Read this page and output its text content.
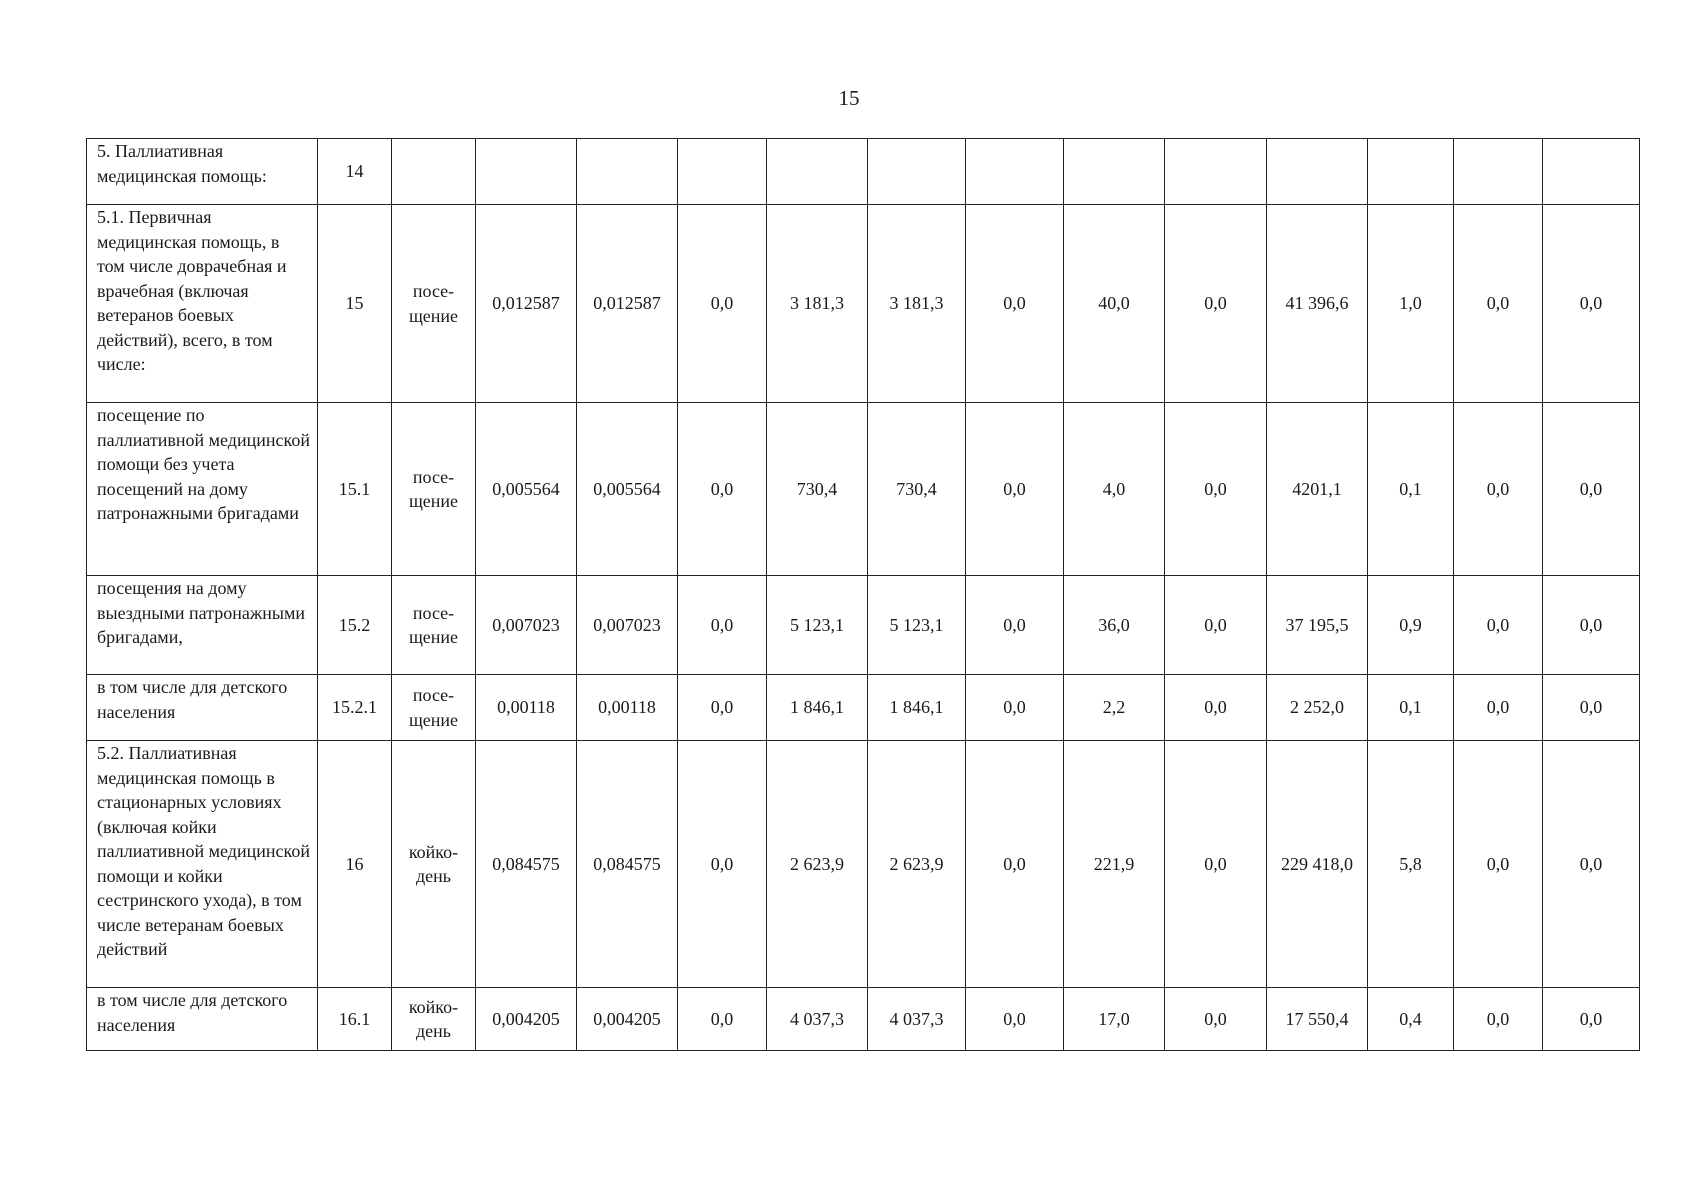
15
5. Паллиативная медицинская помощь:	14													
5.1. Первичная медицинская помощь, в том числе доврачебная и врачебная (включая ветеранов боевых действий), всего, в том числе:	15	посе-щение	0,012587	0,012587	0,0	3 181,3	3 181,3	0,0	40,0	0,0	41 396,6	1,0	0,0	0,0
посещение по паллиативной медицинской помощи без учета посещений на дому патронажными бригадами	15.1	посе-щение	0,005564	0,005564	0,0	730,4	730,4	0,0	4,0	0,0	4201,1	0,1	0,0	0,0
посещения на дому выездными патронажными бригадами,	15.2	посе-щение	0,007023	0,007023	0,0	5 123,1	5 123,1	0,0	36,0	0,0	37 195,5	0,9	0,0	0,0
в том числе для детского населения	15.2.1	посе-щение	0,00118	0,00118	0,0	1 846,1	1 846,1	0,0	2,2	0,0	2 252,0	0,1	0,0	0,0
5.2. Паллиативная медицинская помощь в стационарных условиях (включая койки паллиативной медицинской помощи и койки сестринского ухода), в том числе ветеранам боевых действий	16	койко-день	0,084575	0,084575	0,0	2 623,9	2 623,9	0,0	221,9	0,0	229 418,0	5,8	0,0	0,0
в том числе для детского населения	16.1	койко-день	0,004205	0,004205	0,0	4 037,3	4 037,3	0,0	17,0	0,0	17 550,4	0,4	0,0	0,0
